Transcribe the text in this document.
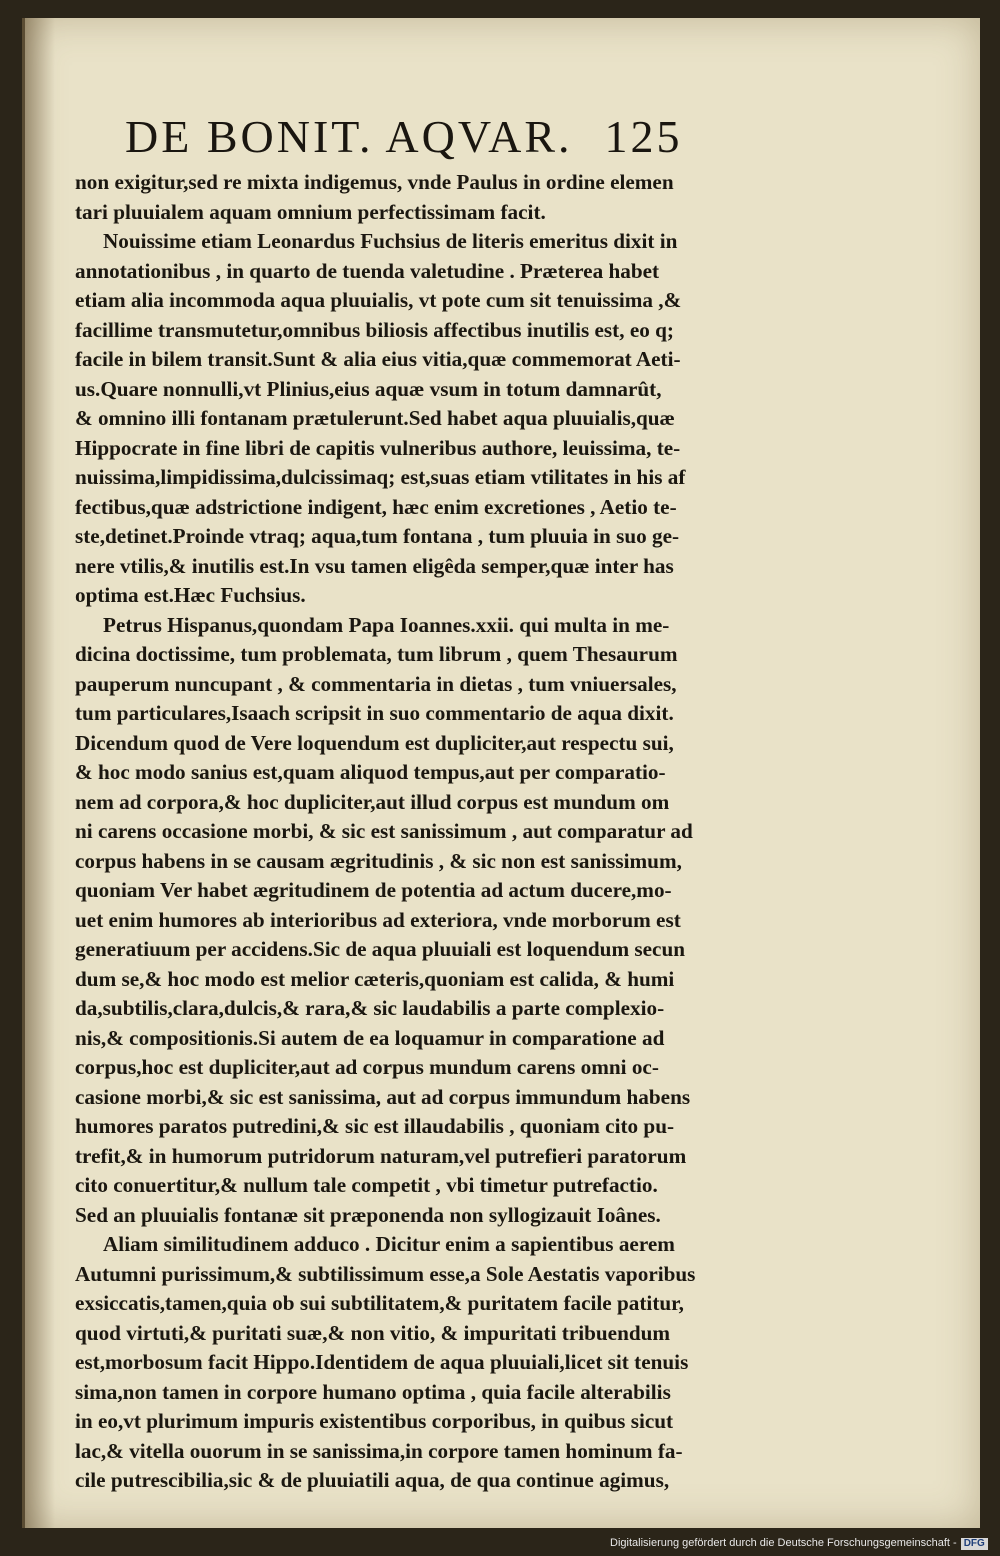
DE BONIT. AQVAR. 125
non exigitur,sed re mixta indigemus, vnde Paulus in ordine elemen
tari pluuialem aquam omnium perfectissimam facit.
Nouissime etiam Leonardus Fuchsius de literis emeritus dixit in
annotationibus , in quarto de tuenda valetudine . Præterea habet
etiam alia incommoda aqua pluuialis, vt pote cum sit tenuissima ,&
facillime transmutetur,omnibus biliosis affectibus inutilis est, eo q;
facile in bilem transit.Sunt & alia eius vitia,quæ commemorat Aeti-
us.Quare nonnulli,vt Plinius,eius aquæ vsum in totum damnarût,
& omnino illi fontanam prætulerunt.Sed habet aqua pluuialis,quæ
Hippocrate in fine libri de capitis vulneribus authore, leuissima, te-
nuissima,limpidissima,dulcissimaq; est,suas etiam vtilitates in his af
fectibus,quæ adstrictione indigent, hæc enim excretiones , Aetio te-
ste,detinet.Proinde vtraq; aqua,tum fontana , tum pluuia in suo ge-
nere vtilis,& inutilis est.In vsu tamen eligêda semper,quæ inter has
optima est.Hæc Fuchsius.
Petrus Hispanus,quondam Papa Ioannes.xxii. qui multa in me-
dicina doctissime, tum problemata, tum librum , quem Thesaurum
pauperum nuncupant , & commentaria in dietas , tum vniuersales,
tum particulares,Isaach scripsit in suo commentario de aqua dixit.
Dicendum quod de Vere loquendum est dupliciter,aut respectu sui,
& hoc modo sanius est,quam aliquod tempus,aut per comparatio-
nem ad corpora,& hoc dupliciter,aut illud corpus est mundum om
ni carens occasione morbi, & sic est sanissimum , aut comparatur ad
corpus habens in se causam ægritudinis , & sic non est sanissimum,
quoniam Ver habet ægritudinem de potentia ad actum ducere,mo-
uet enim humores ab interioribus ad exteriora, vnde morborum est
generatiuum per accidens.Sic de aqua pluuiali est loquendum secun
dum se,& hoc modo est melior cæteris,quoniam est calida, & humi
da,subtilis,clara,dulcis,& rara,& sic laudabilis a parte complexio-
nis,& compositionis.Si autem de ea loquamur in comparatione ad
corpus,hoc est dupliciter,aut ad corpus mundum carens omni oc-
casione morbi,& sic est sanissima, aut ad corpus immundum habens
humores paratos putredini,& sic est illaudabilis , quoniam cito pu-
trefit,& in humorum putridorum naturam,vel putrefieri paratorum
cito conuertitur,& nullum tale competit , vbi timetur putrefactio.
Sed an pluuialis fontanæ sit præponenda non syllogizauit Ioânes.
Aliam similitudinem adduco . Dicitur enim a sapientibus aerem
Autumni purissimum,& subtilissimum esse,a Sole Aestatis vaporibus
exsiccatis,tamen,quia ob sui subtilitatem,& puritatem facile patitur,
quod virtuti,& puritati suæ,& non vitio, & impuritati tribuendum
est,morbosum facit Hippo.Identidem de aqua pluuiali,licet sit tenuis
sima,non tamen in corpore humano optima , quia facile alterabilis
in eo,vt plurimum impuris existentibus corporibus, in quibus sicut
lac,& vitella ouorum in se sanissima,in corpore tamen hominum fa-
cile putrescibilia,sic & de pluuiatili aqua, de qua continue agimus,
Digitalisierung gefördert durch die Deutsche Forschungsgemeinschaft - DFG
